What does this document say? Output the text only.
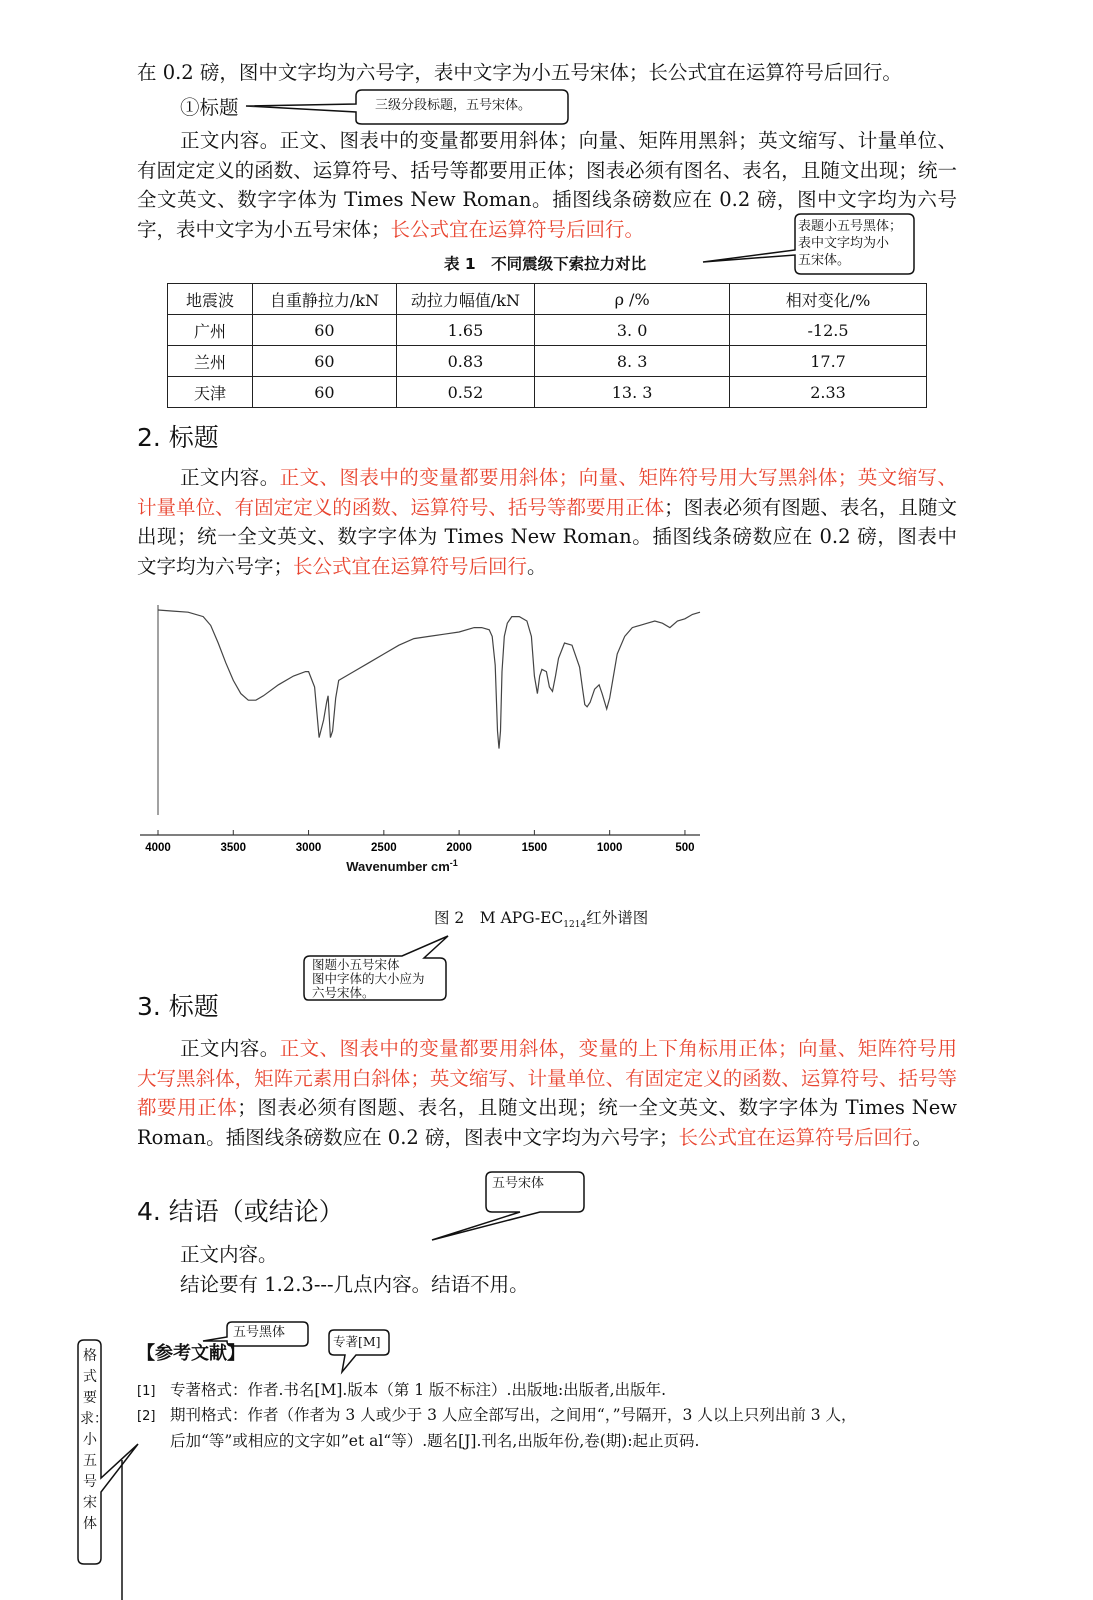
在 0.2 磅，图中文字均为六号字，表中文字为小五号宋体；长公式宜在运算符号后回行。
①标题	三级分段标题，五号宋体。
表题小五号黑体；
表中文字均为小
五宋体。
正文内容。正文、图表中的变量都要用斜体；向量、矩阵用黑斜；英文缩写、计量单位、有固定定义的函数、运算符号、括号等都要用正体；图表必须有图名、表名，且随文出现；统一全文英文、数字字体为 Times New Roman。插图线条磅数应在 0.2 磅，图中文字均为六号字，表中文字为小五号宋体；长公式宜在运算符号后回行。
表 1　不同震级下索拉力对比
地震波	自重静拉力/kN	动拉力幅值/kN	ρ /%	相对变化/%
广州	60	1.65	3. 0	-12.5
兰州	60	0.83	8. 3	17.7
天津	60	0.52	13. 3	2.33
2. 标题
正文内容。正文、图表中的变量都要用斜体；向量、矩阵符号用大写黑斜体；英文缩写、计量单位、有固定定义的函数、运算符号、括号等都要用正体；图表必须有图题、表名，且随文出现；统一全文英文、数字字体为 Times New Roman。插图线条磅数应在 0.2 磅，图表中文字均为六号字；长公式宜在运算符号后回行。
4000	3500	3000	2500	2000	1500	1000	500
Wavenumber $cm^{-1}$
图 2　M APG-$EC_{1214}$红外谱图
图题小五号宋体
图中字体的大小应为
六号宋体。
3. 标题
正文内容。正文、图表中的变量都要用斜体，变量的上下角标用正体；向量、矩阵符号用大写黑斜体，矩阵元素用白斜体；英文缩写、计量单位、有固定定义的函数、运算符号、括号等都要用正体；图表必须有图题、表名，且随文出现；统一全文英文、数字字体为 Times New Roman。插图线条磅数应在 0.2 磅，图表中文字均为六号字；长公式宜在运算符号后回行。
4. 结语（或结论）
五号宋体
正文内容。
结论要有 1.2.3---几点内容。结语不用。
【参考文献】
五号黑体
专著[M]
格式要求：小五号宋体
[1] 专著格式：作者.书名[M].版本（第 1 版不标注）.出版地:出版者,出版年.
[2] 期刊格式：作者（作者为 3 人或少于 3 人应全部写出，之间用“，”号隔开，3 人以上只列出前 3 人，
后加“等”或相应的文字如”et al“等）.题名[J].刊名,出版年份,卷(期):起止页码.
